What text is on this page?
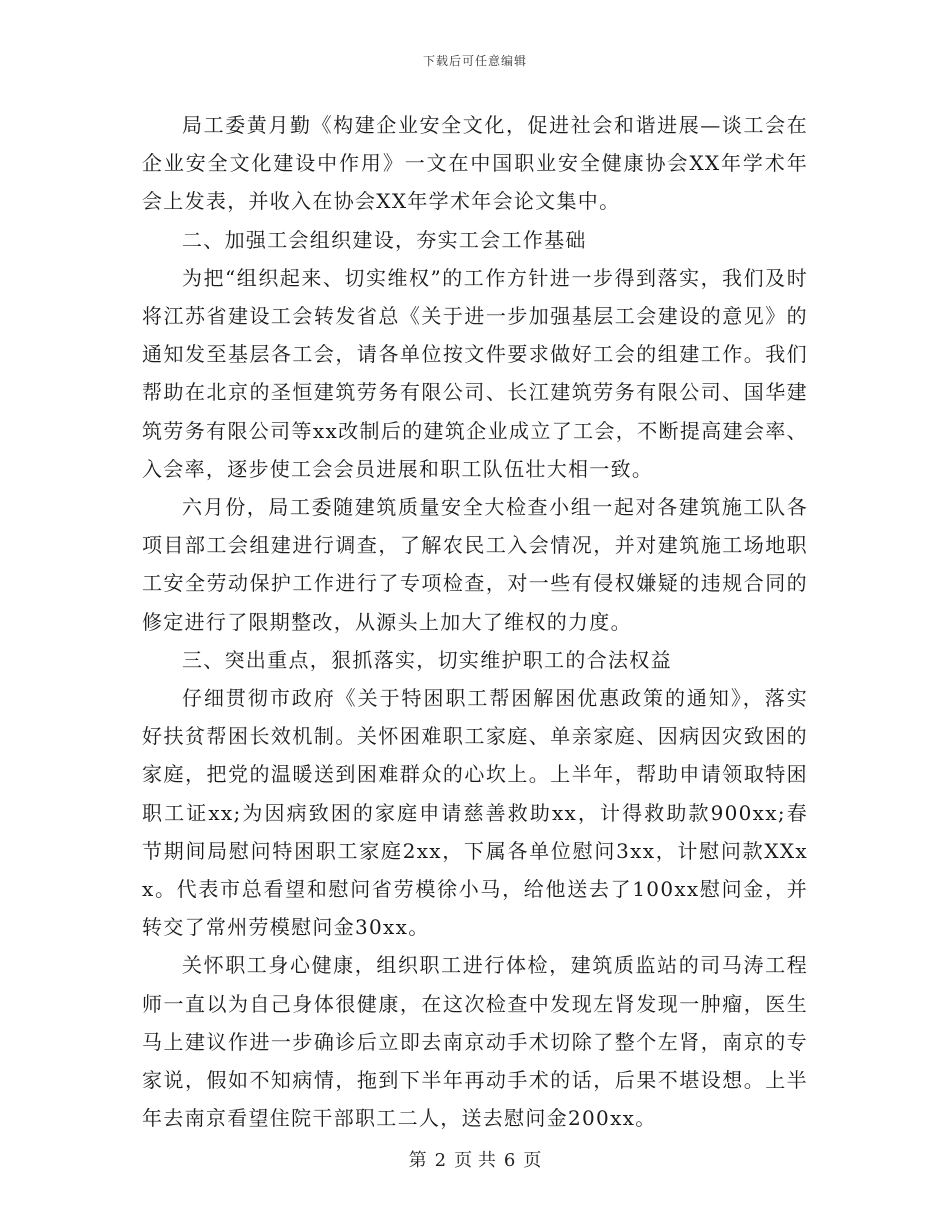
下载后可任意编辑

局工委黄月勤《构建企业安全文化，促进社会和谐进展—谈工会在企业安全文化建设中作用》一文在中国职业安全健康协会XX年学术年会上发表，并收入在协会XX年学术年会论文集中。

二、加强工会组织建设，夯实工会工作基础

为把“组织起来、切实维权”的工作方针进一步得到落实，我们及时将江苏省建设工会转发省总《关于进一步加强基层工会建设的意见》的通知发至基层各工会，请各单位按文件要求做好工会的组建工作。我们帮助在北京的圣恒建筑劳务有限公司、长江建筑劳务有限公司、国华建筑劳务有限公司等xx改制后的建筑企业成立了工会，不断提高建会率、入会率，逐步使工会会员进展和职工队伍壮大相一致。

六月份，局工委随建筑质量安全大检查小组一起对各建筑施工队各项目部工会组建进行调查，了解农民工入会情况，并对建筑施工场地职工安全劳动保护工作进行了专项检查，对一些有侵权嫌疑的违规合同的修定进行了限期整改，从源头上加大了维权的力度。

三、突出重点，狠抓落实，切实维护职工的合法权益

仔细贯彻市政府《关于特困职工帮困解困优惠政策的通知》，落实好扶贫帮困长效机制。关怀困难职工家庭、单亲家庭、因病因灾致困的家庭，把党的温暖送到困难群众的心坎上。上半年，帮助申请领取特困职工证xx;为因病致困的家庭申请慈善救助xx，计得救助款900xx;春节期间局慰问特困职工家庭2xx，下属各单位慰问3xx，计慰问款XXxx。代表市总看望和慰问省劳模徐小马，给他送去了100xx慰问金，并转交了常州劳模慰问金30xx。

关怀职工身心健康，组织职工进行体检，建筑质监站的司马涛工程师一直以为自己身体很健康，在这次检查中发现左肾发现一肿瘤，医生马上建议作进一步确诊后立即去南京动手术切除了整个左肾，南京的专家说，假如不知病情，拖到下半年再动手术的话，后果不堪设想。上半年去南京看望住院干部职工二人，送去慰问金200xx。

第 2 页 共 6 页
